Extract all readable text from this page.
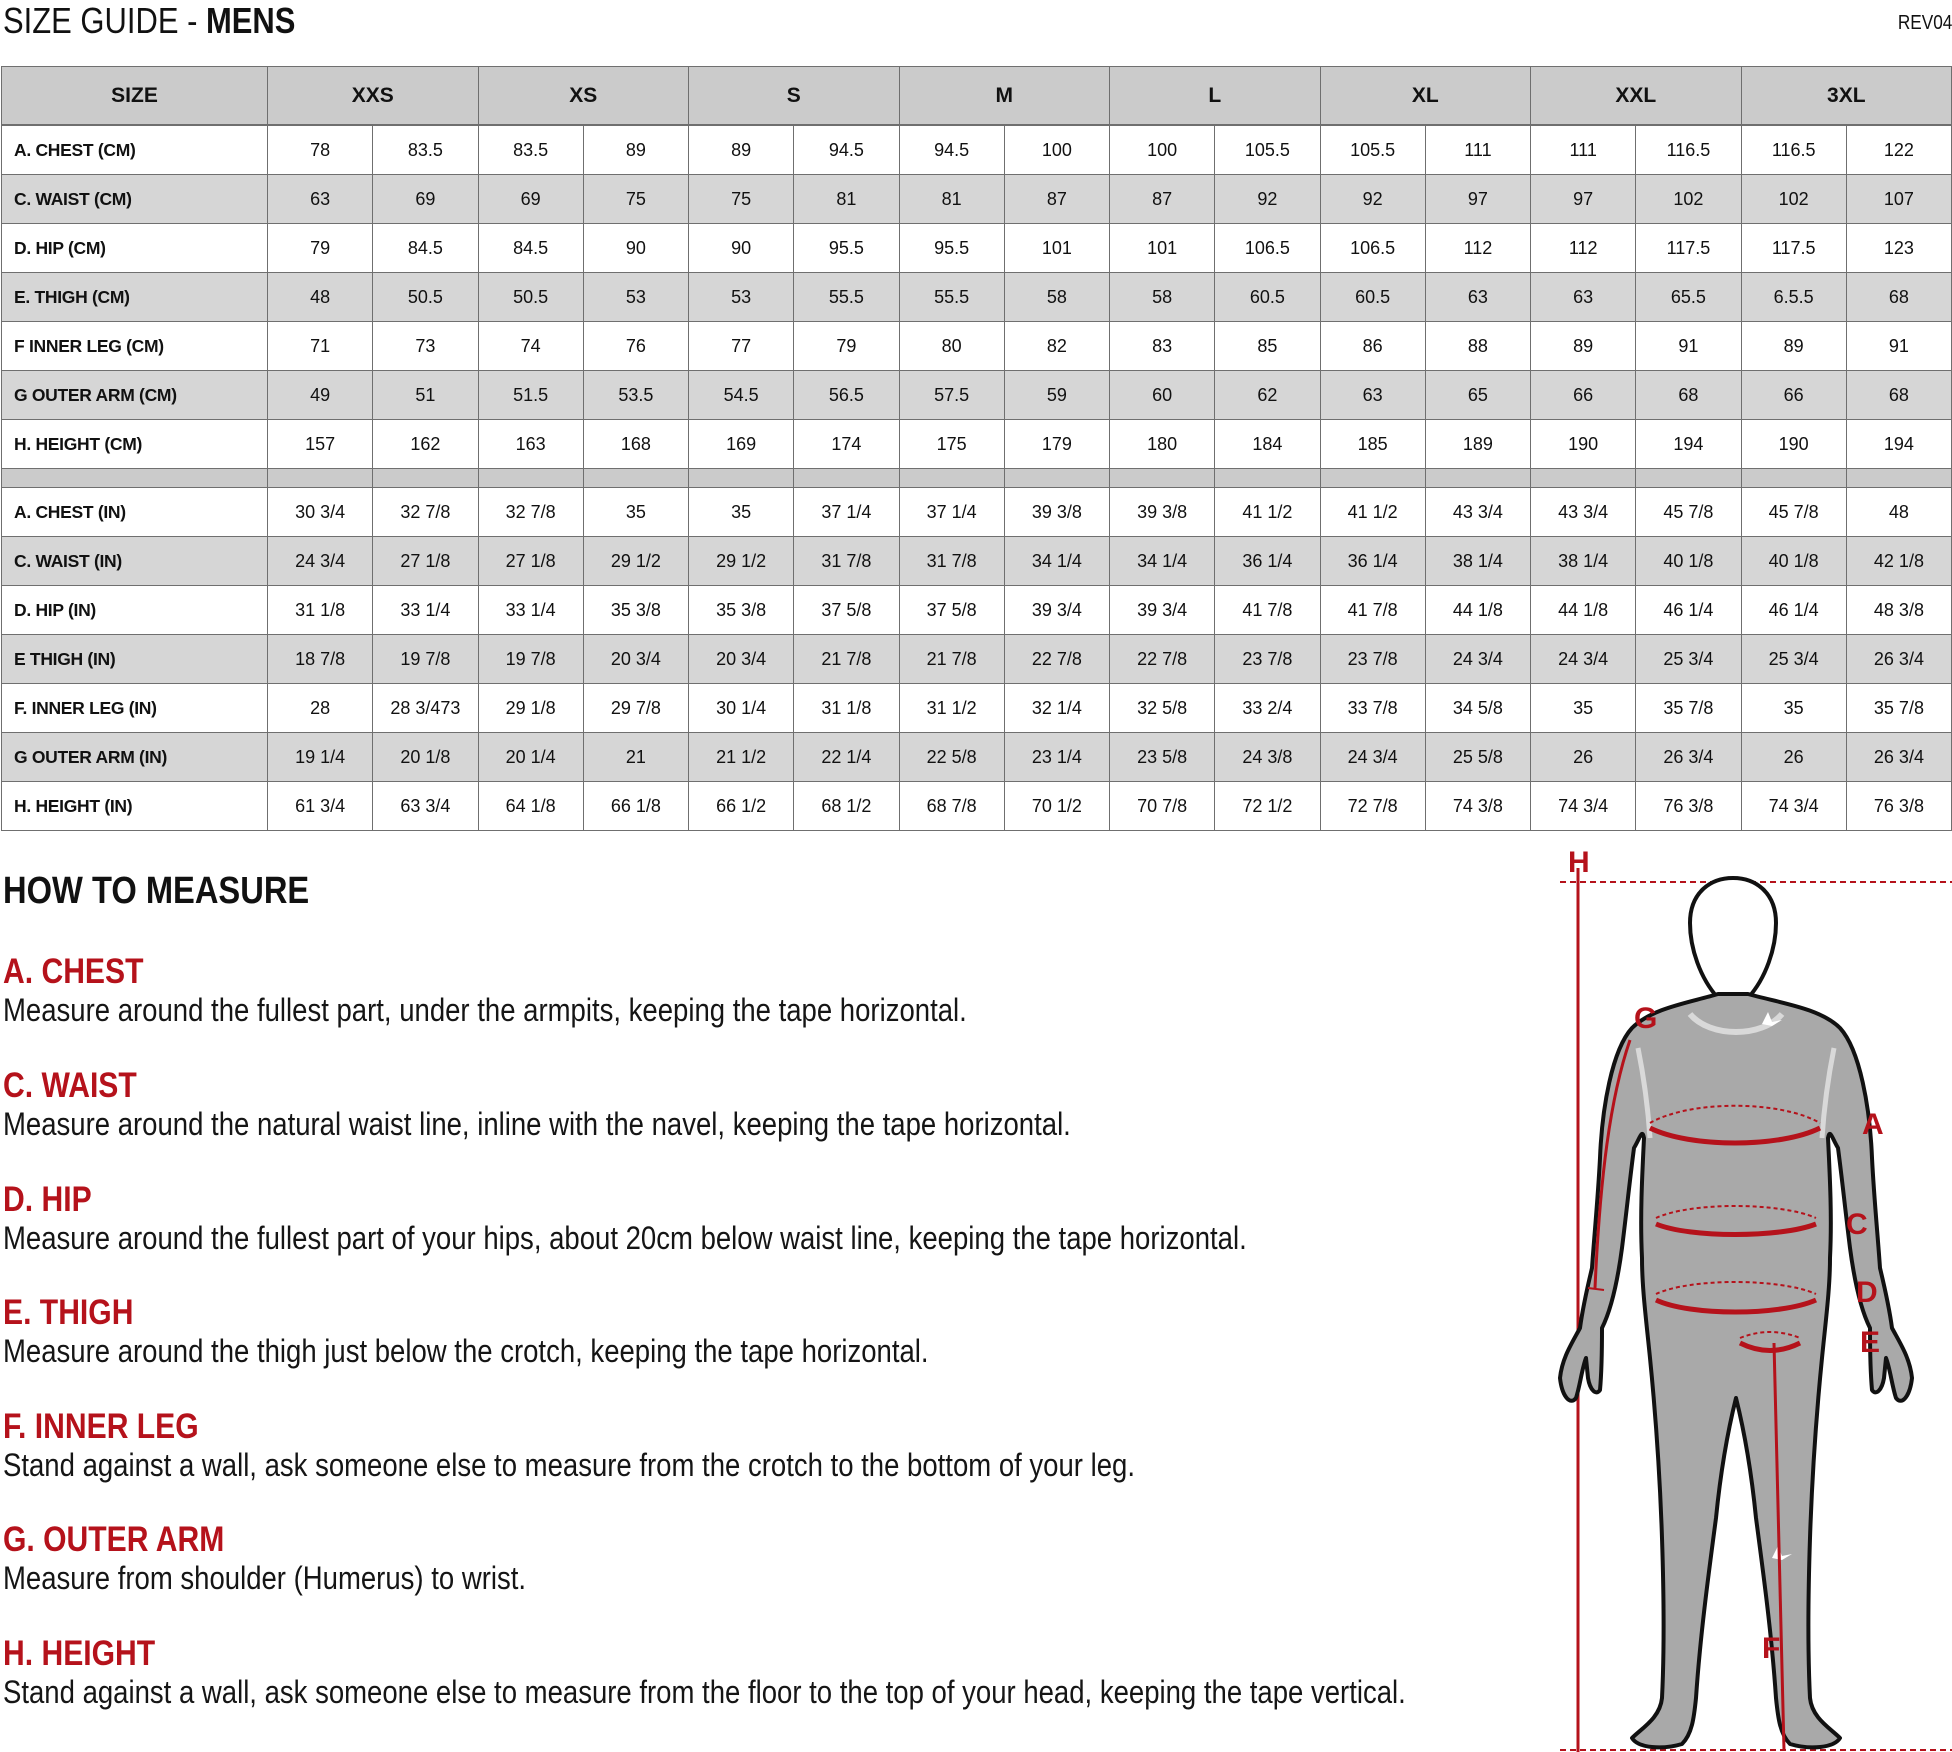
SIZE GUIDE - MENS	REV04
SIZE	XXS		XS		S		M		L		XL		XXL		3XL	
A. CHEST (CM)	78	83.5	83.5	89	89	94.5	94.5	100	100	105.5	105.5	111	111	116.5	116.5	122
C. WAIST (CM)	63	69	69	75	75	81	81	87	87	92	92	97	97	102	102	107
D. HIP (CM)	79	84.5	84.5	90	90	95.5	95.5	101	101	106.5	106.5	112	112	117.5	117.5	123
E. THIGH (CM)	48	50.5	50.5	53	53	55.5	55.5	58	58	60.5	60.5	63	63	65.5	6.5.5	68
F INNER LEG (CM)	71	73	74	76	77	79	80	82	83	85	86	88	89	91	89	91
G OUTER ARM (CM)	49	51	51.5	53.5	54.5	56.5	57.5	59	60	62	63	65	66	68	66	68
H. HEIGHT (CM)	157	162	163	168	169	174	175	179	180	184	185	189	190	194	190	194

A. CHEST (IN)	30 3/4	32 7/8	32 7/8	35	35	37 1/4	37 1/4	39 3/8	39 3/8	41 1/2	41 1/2	43 3/4	43 3/4	45 7/8	45 7/8	48
C. WAIST (IN)	24 3/4	27 1/8	27 1/8	29 1/2	29 1/2	31 7/8	31 7/8	34 1/4	34 1/4	36 1/4	36 1/4	38 1/4	38 1/4	40 1/8	40 1/8	42 1/8
D. HIP (IN)	31 1/8	33 1/4	33 1/4	35 3/8	35 3/8	37 5/8	37 5/8	39 3/4	39 3/4	41 7/8	41 7/8	44 1/8	44 1/8	46 1/4	46 1/4	48 3/8
E THIGH (IN)	18 7/8	19 7/8	19 7/8	20 3/4	20 3/4	21 7/8	21 7/8	22 7/8	22 7/8	23 7/8	23 7/8	24 3/4	24 3/4	25 3/4	25 3/4	26 3/4
F. INNER LEG (IN)	28	28 3/473	29 1/8	29 7/8	30 1/4	31 1/8	31 1/2	32 1/4	32 5/8	33 2/4	33 7/8	34 5/8	35	35 7/8	35	35 7/8
G OUTER ARM (IN)	19 1/4	20 1/8	20 1/4	21	21 1/2	22 1/4	22 5/8	23 1/4	23 5/8	24 3/8	24 3/4	25 5/8	26	26 3/4	26	26 3/4
H. HEIGHT (IN)	61 3/4	63 3/4	64 1/8	66 1/8	66 1/2	68 1/2	68 7/8	70 1/2	70 7/8	72 1/2	72 7/8	74 3/8	74 3/4	76 3/8	74 3/4	76 3/8
HOW TO MEASURE
A. CHEST

Measure around the fullest part, under the armpits, keeping the tape horizontal.

C. WAIST

Measure around the natural waist line, inline with the navel, keeping the tape horizontal.

D. HIP

Measure around the fullest part of your hips, about 20cm below waist line, keeping the tape horizontal.

E. THIGH

Measure around the thigh just below the crotch, keeping the tape horizontal.

F. INNER LEG

Stand against a wall, ask someone else to measure from the crotch to the bottom of your leg.

G. OUTER ARM

Measure from shoulder (Humerus) to wrist.

H. HEIGHT

Stand against a wall, ask someone else to measure from the floor to the top of your head, keeping the tape vertical.

H
G
A
C
D
E
F
